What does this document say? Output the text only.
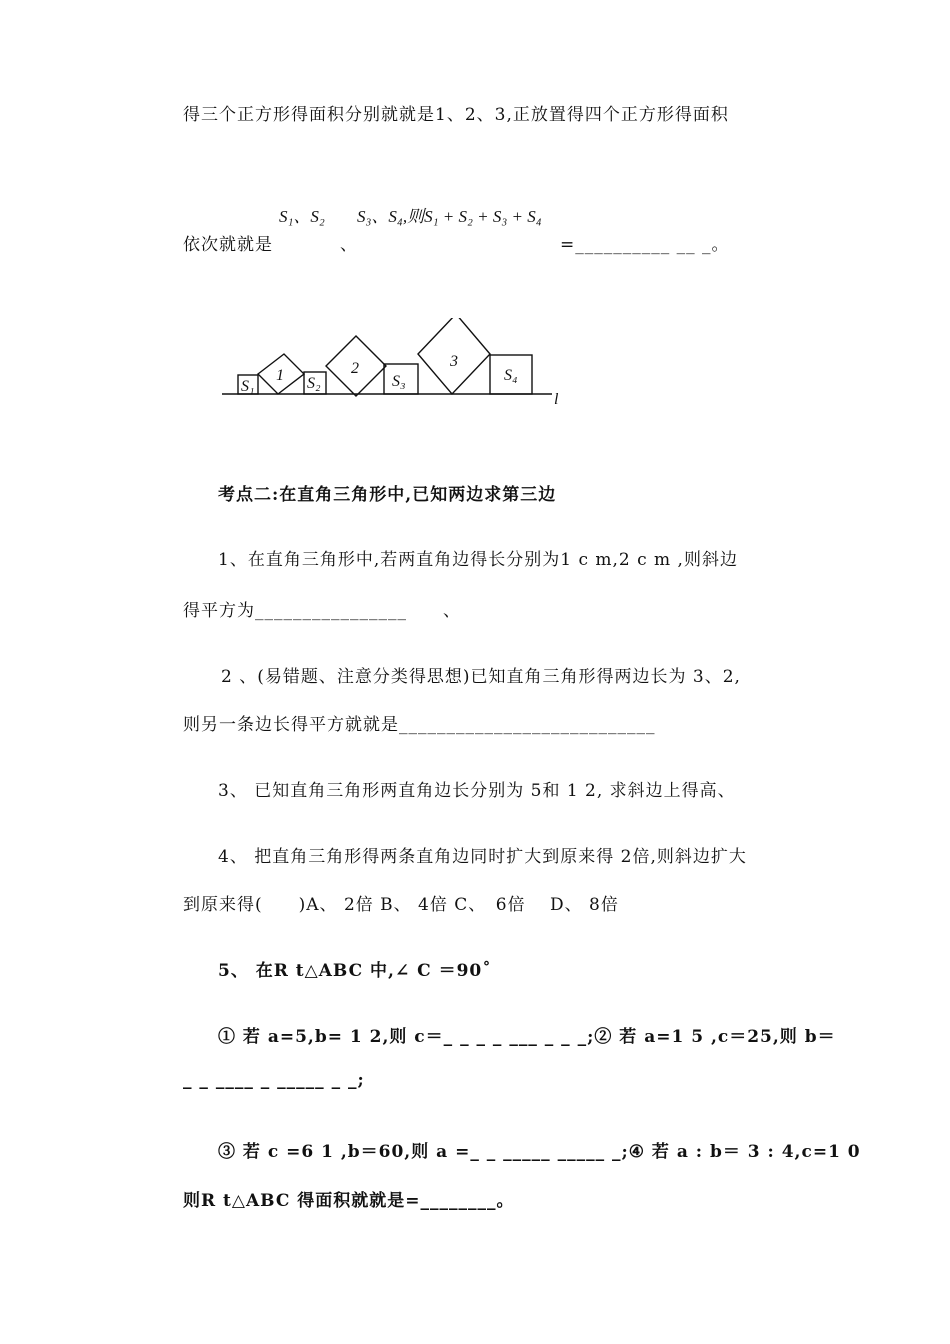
得三个正方形得面积分别就就是1、2、3,正放置得四个正方形得面积
S₁、S₂ S₃、S₄,则S₁ + S₂ + S₃ + S₄
依次就就是	、	=__________ __ _。
S₁
1 S₂
2
S₃
3
S₄
l
考点二:在直角三角形中,已知两边求第三边
1、在直角三角形中,若两直角边得长分别为1 c m,2 c m ,则斜边
得平方为________________　　、
2 、(易错题、注意分类得思想)已知直角三角形得两边长为 3、2,
则另一条边长得平方就就是___________________________
3、 已知直角三角形两直角边长分别为 5和 1 2, 求斜边上得高、
4、 把直角三角形得两条直角边同时扩大到原来得 2倍,则斜边扩大
到原来得(　　)A、 2倍 B、 4倍 C、　6倍　 D、 8倍
5、 在R t△ABC 中,∠ C ＝90˚
① 若 a=5,b= 1 2,则 c＝_ _ _ _ ___ _ _ _;② 若 a=1 5 ,c＝25,则 b＝
_ _ ____ _ _____ _ _;
③ 若 c =6 1 ,b＝60,则 a =_ _ _____ _____ _;④ 若 a : b＝ 3 : 4,c=1 0
则R t△ABC 得面积就就是=________。
